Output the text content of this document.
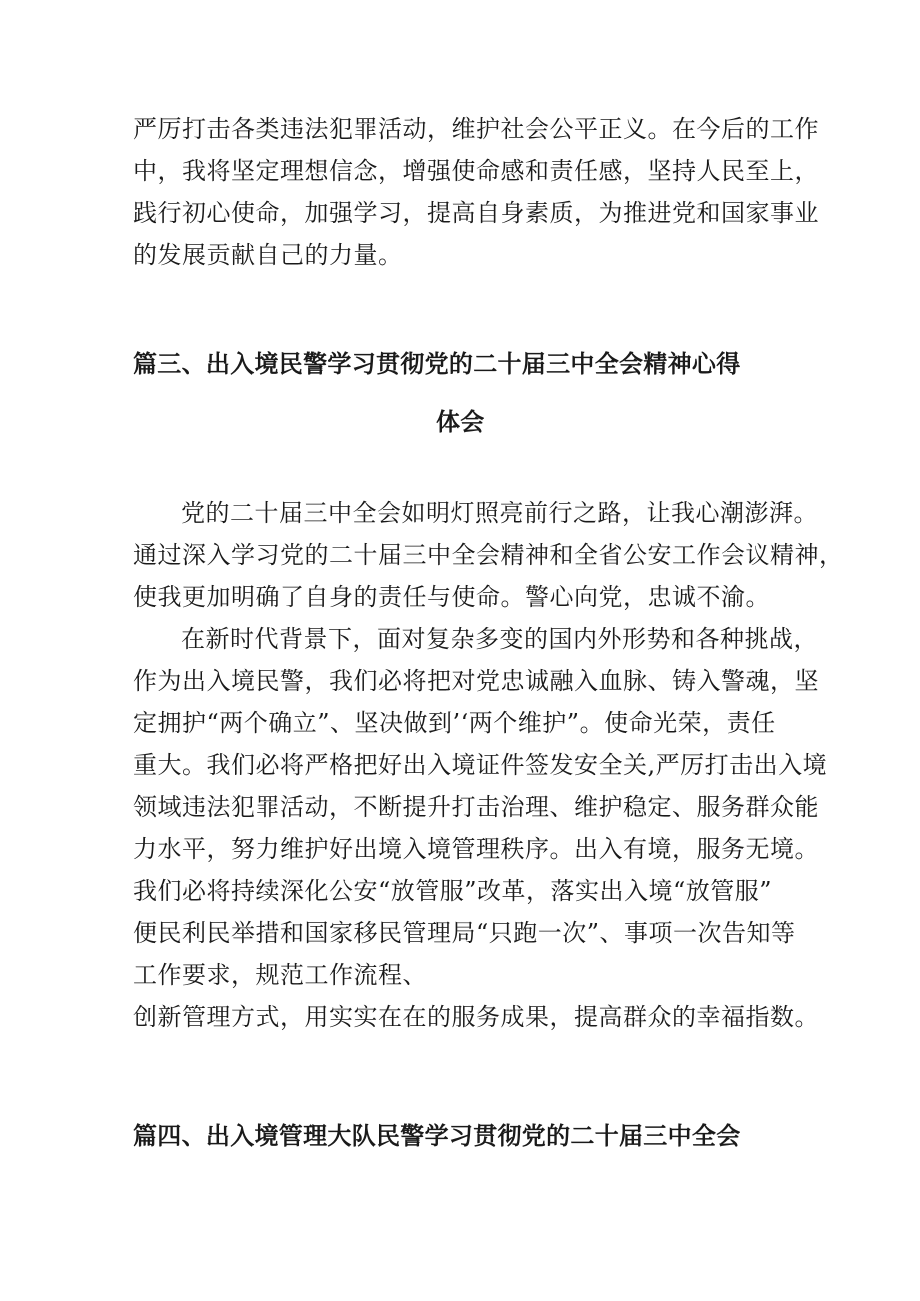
严厉打击各类违法犯罪活动，维护社会公平正义。在今后的工作
中，我将坚定理想信念，增强使命感和责任感，坚持人民至上，
践行初心使命，加强学习，提高自身素质，为推进党和国家事业
的发展贡献自己的力量。
篇三、出入境民警学习贯彻党的二十届三中全会精神心得
体会
党的二十届三中全会如明灯照亮前行之路，让我心潮澎湃。
通过深入学习党的二十届三中全会精神和全省公安工作会议精神，
使我更加明确了自身的责任与使命。警心向党，忠诚不渝。
在新时代背景下，面对复杂多变的国内外形势和各种挑战，
作为出入境民警，我们必将把对党忠诚融入血脉、铸入警魂，坚
定拥护“两个确立”、坚决做到’‘两个维护”。使命光荣，责任
重大。我们必将严格把好出入境证件签发安全关,严厉打击出入境
领域违法犯罪活动，不断提升打击治理、维护稳定、服务群众能
力水平，努力维护好出境入境管理秩序。出入有境，服务无境。
我们必将持续深化公安“放管服”改革，落实出入境“放管服”
便民利民举措和国家移民管理局“只跑一次”、事项一次告知等
工作要求，规范工作流程、
创新管理方式，用实实在在的服务成果，提高群众的幸福指数。
篇四、出入境管理大队民警学习贯彻党的二十届三中全会
